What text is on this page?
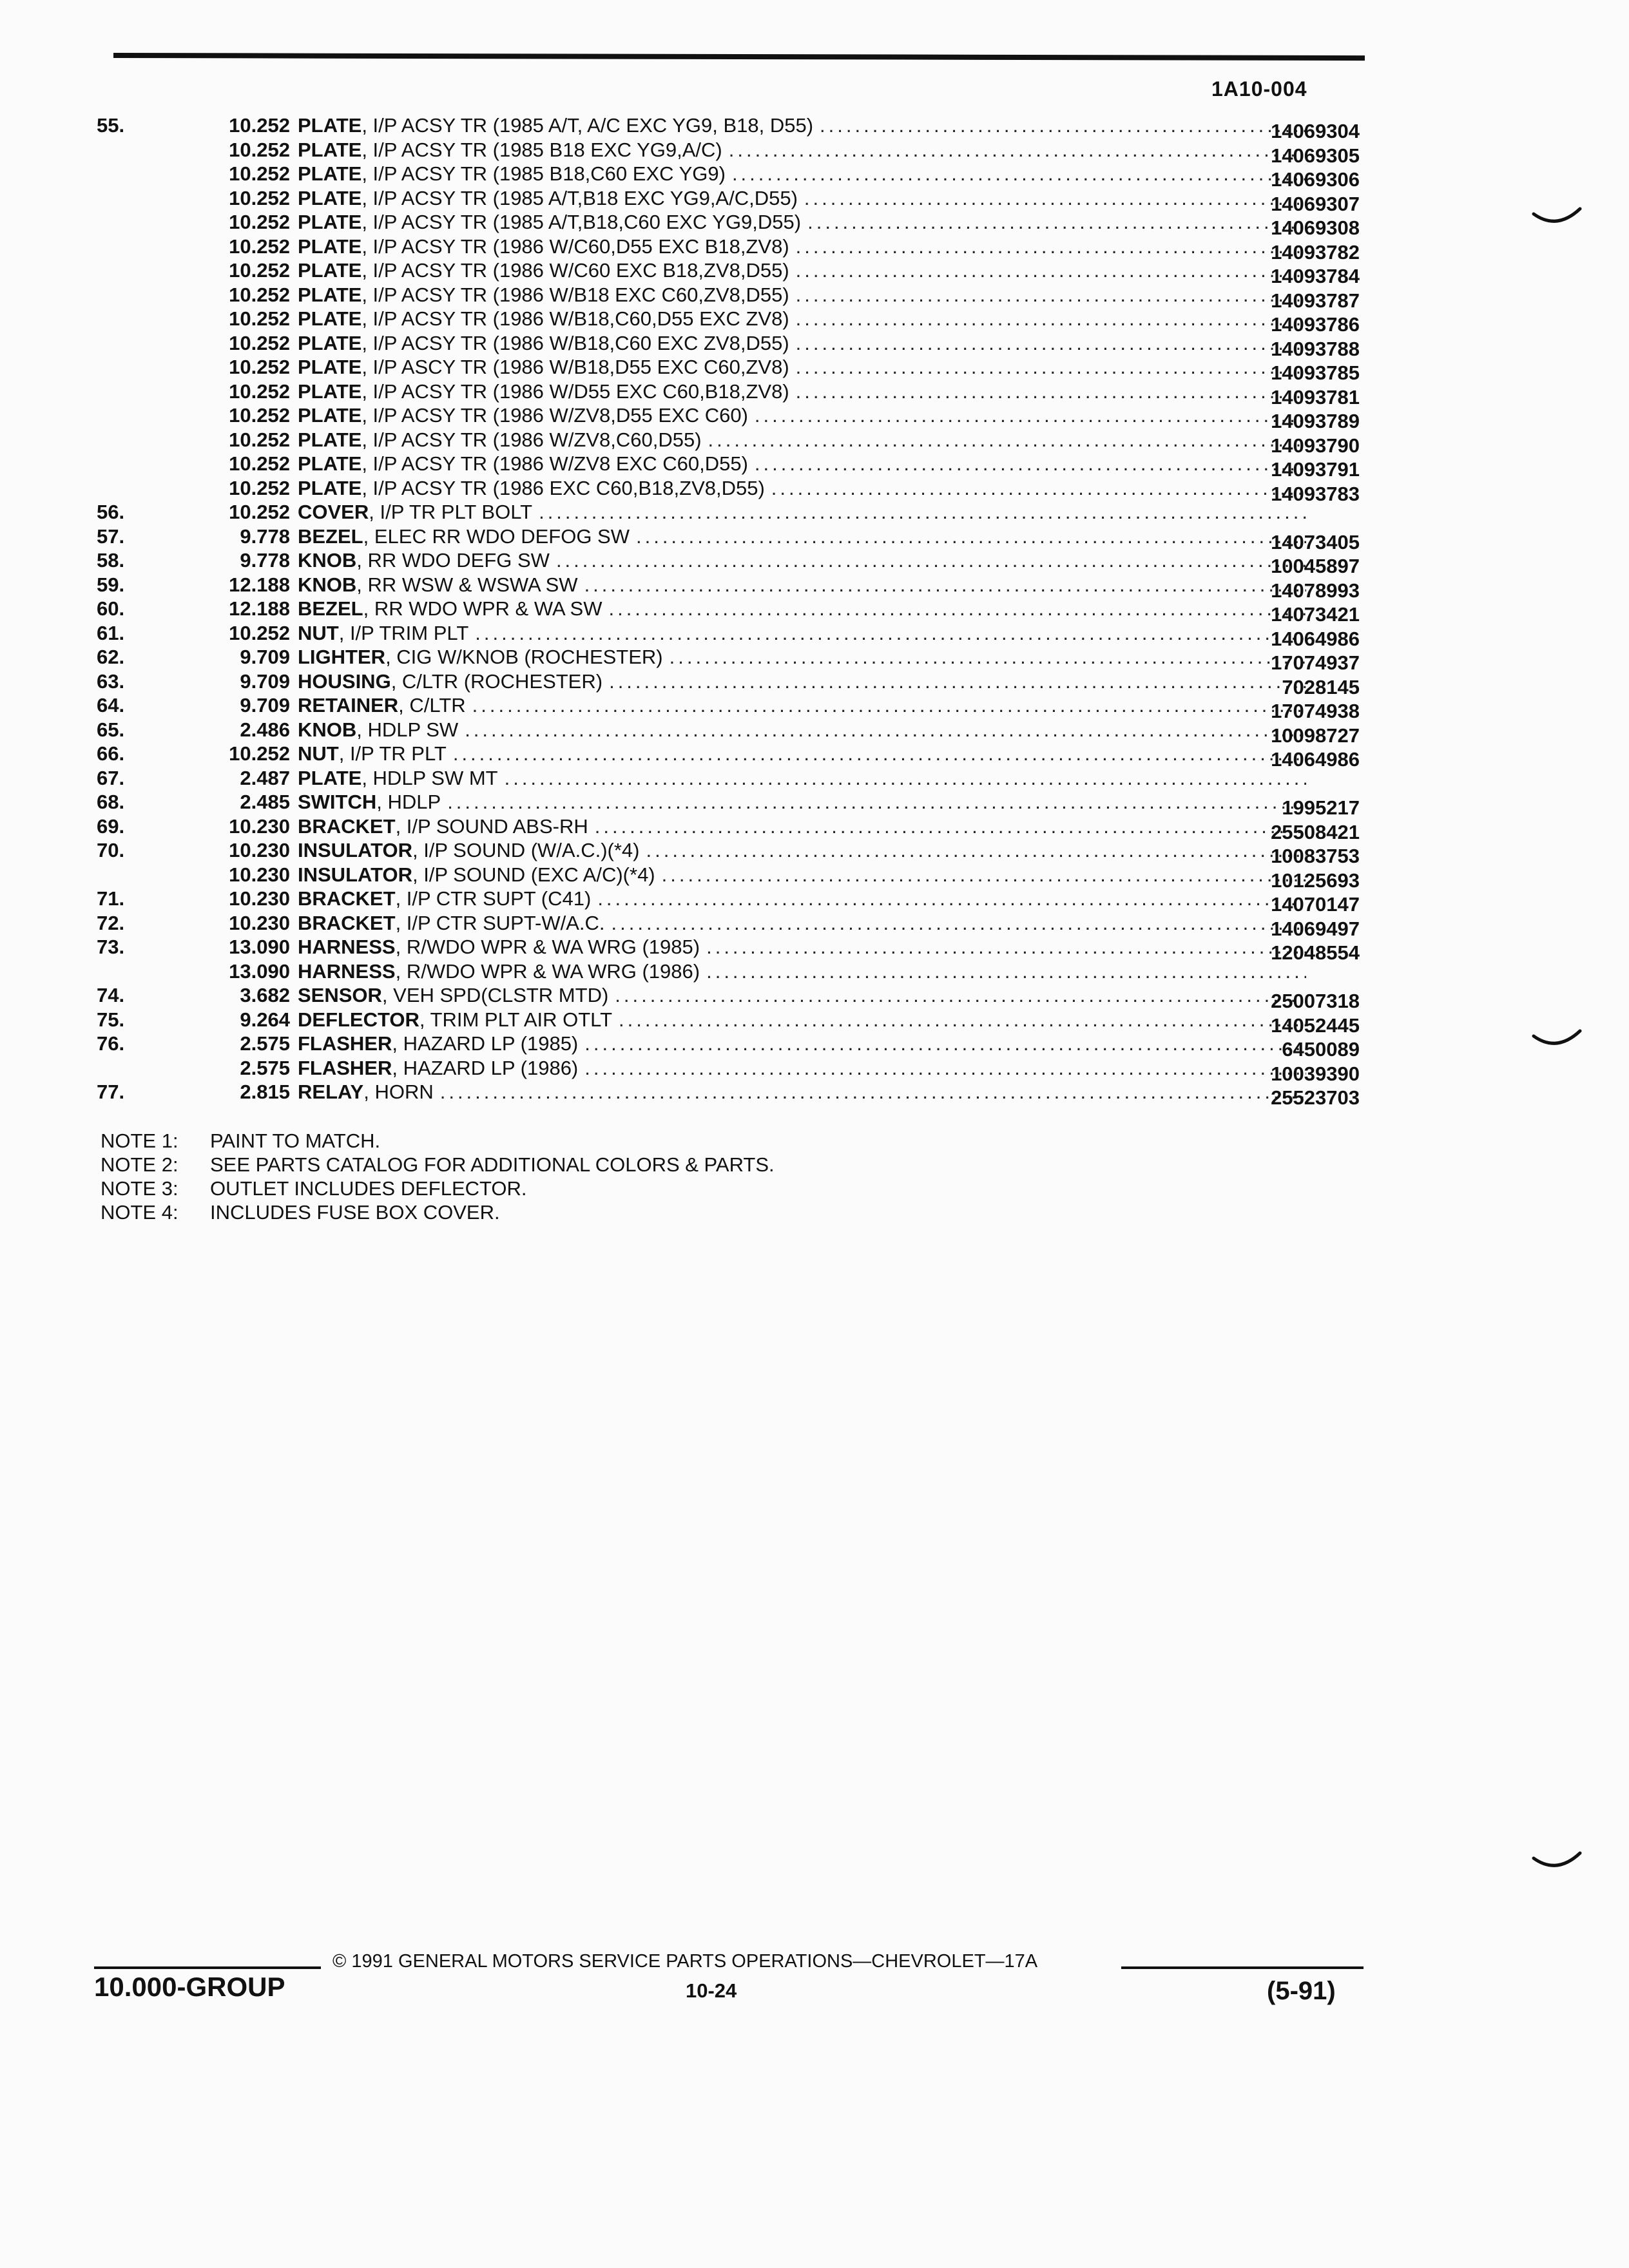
1A10-004
55.	10.252 PLATE , I/P ACSY TR (1985 A/T, A/C EXC YG9, B18, D55) .....	14069304
10.252 PLATE , I/P ACSY TR (1985 B18 EXC YG9,A/C) .....	14069305
10.252 PLATE , I/P ACSY TR (1985 B18,C60 EXC YG9) .....	14069306
10.252 PLATE , I/P ACSY TR (1985 A/T,B18 EXC YG9,A/C,D55) .....	14069307
10.252 PLATE , I/P ACSY TR (1985 A/T,B18,C60 EXC YG9,D55) .....	14069308
10.252 PLATE , I/P ACSY TR (1986 W/C60,D55 EXC B18,ZV8) .....	14093782
10.252 PLATE , I/P ACSY TR (1986 W/C60 EXC B18,ZV8,D55) .....	14093784
10.252 PLATE , I/P ACSY TR (1986 W/B18 EXC C60,ZV8,D55) .....	14093787
10.252 PLATE , I/P ACSY TR (1986 W/B18,C60,D55 EXC ZV8) .....	14093786
10.252 PLATE , I/P ACSY TR (1986 W/B18,C60 EXC ZV8,D55) .....	14093788
10.252 PLATE , I/P ASCY TR (1986 W/B18,D55 EXC C60,ZV8) .....	14093785
10.252 PLATE , I/P ACSY TR (1986 W/D55 EXC C60,B18,ZV8) .....	14093781
10.252 PLATE , I/P ACSY TR (1986 W/ZV8,D55 EXC C60) .....	14093789
10.252 PLATE , I/P ACSY TR (1986 W/ZV8,C60,D55) .....	14093790
10.252 PLATE , I/P ACSY TR (1986 W/ZV8 EXC C60,D55) .....	14093791
10.252 PLATE , I/P ACSY TR (1986 EXC C60,B18,ZV8,D55) .....	14093783
56.	10.252 COVER , I/P TR PLT BOLT
.....
57.	9.778 BEZEL , ELEC RR WDO DEFOG SW .....	14073405
58.	9.778 KNOB , RR WDO DEFG SW .....	10045897
59.	12.188 KNOB , RR WSW & WSWA SW .....	14078993
60.	12.188 BEZEL , RR WDO WPR & WA SW .....	14073421
61.	10.252 NUT , I/P TRIM PLT .....	14064986
62.	9.709 LIGHTER , CIG W/KNOB (ROCHESTER) .....	17074937
63.	9.709 HOUSING , C/LTR (ROCHESTER) .....	7028145
64.	9.709 RETAINER , C/LTR .....	17074938
65.	2.486 KNOB , HDLP SW .....	10098727
66.	10.252 NUT , I/P TR PLT .....	14064986
67.	2.487 PLATE , HDLP SW MT
.....
68.	2.485 SWITCH , HDLP .....	1995217
69.	10.230 BRACKET , I/P SOUND ABS-RH .....	25508421
70.	10.230 INSULATOR , I/P SOUND (W/A.C.)(*4) .....	10083753
10.230 INSULATOR , I/P SOUND (EXC A/C)(*4) .....	10125693
71.	10.230 BRACKET , I/P CTR SUPT (C41) .....	14070147
72.	10.230 BRACKET , I/P CTR SUPT-W/A.C. .....	14069497
73.	13.090 HARNESS , R/WDO WPR & WA WRG (1985) .....	12048554
13.090 HARNESS , R/WDO WPR & WA WRG (1986)
.....
74.	3.682 SENSOR , VEH SPD(CLSTR MTD) .....	25007318
75.	9.264 DEFLECTOR , TRIM PLT AIR OTLT .....	14052445
76.	2.575 FLASHER , HAZARD LP (1985) .....	6450089
2.575 FLASHER , HAZARD LP (1986) .....	10039390
77.	2.815 RELAY , HORN .....	25523703
NOTE 1: PAINT TO MATCH.
NOTE 2: SEE PARTS CATALOG FOR ADDITIONAL COLORS & PARTS.
NOTE 3: OUTLET INCLUDES DEFLECTOR.
NOTE 4: INCLUDES FUSE BOX COVER.
10.000-GROUP
© 1991 GENERAL MOTORS SERVICE PARTS OPERATIONS—CHEVROLET—17A
10-24	(5-91)
